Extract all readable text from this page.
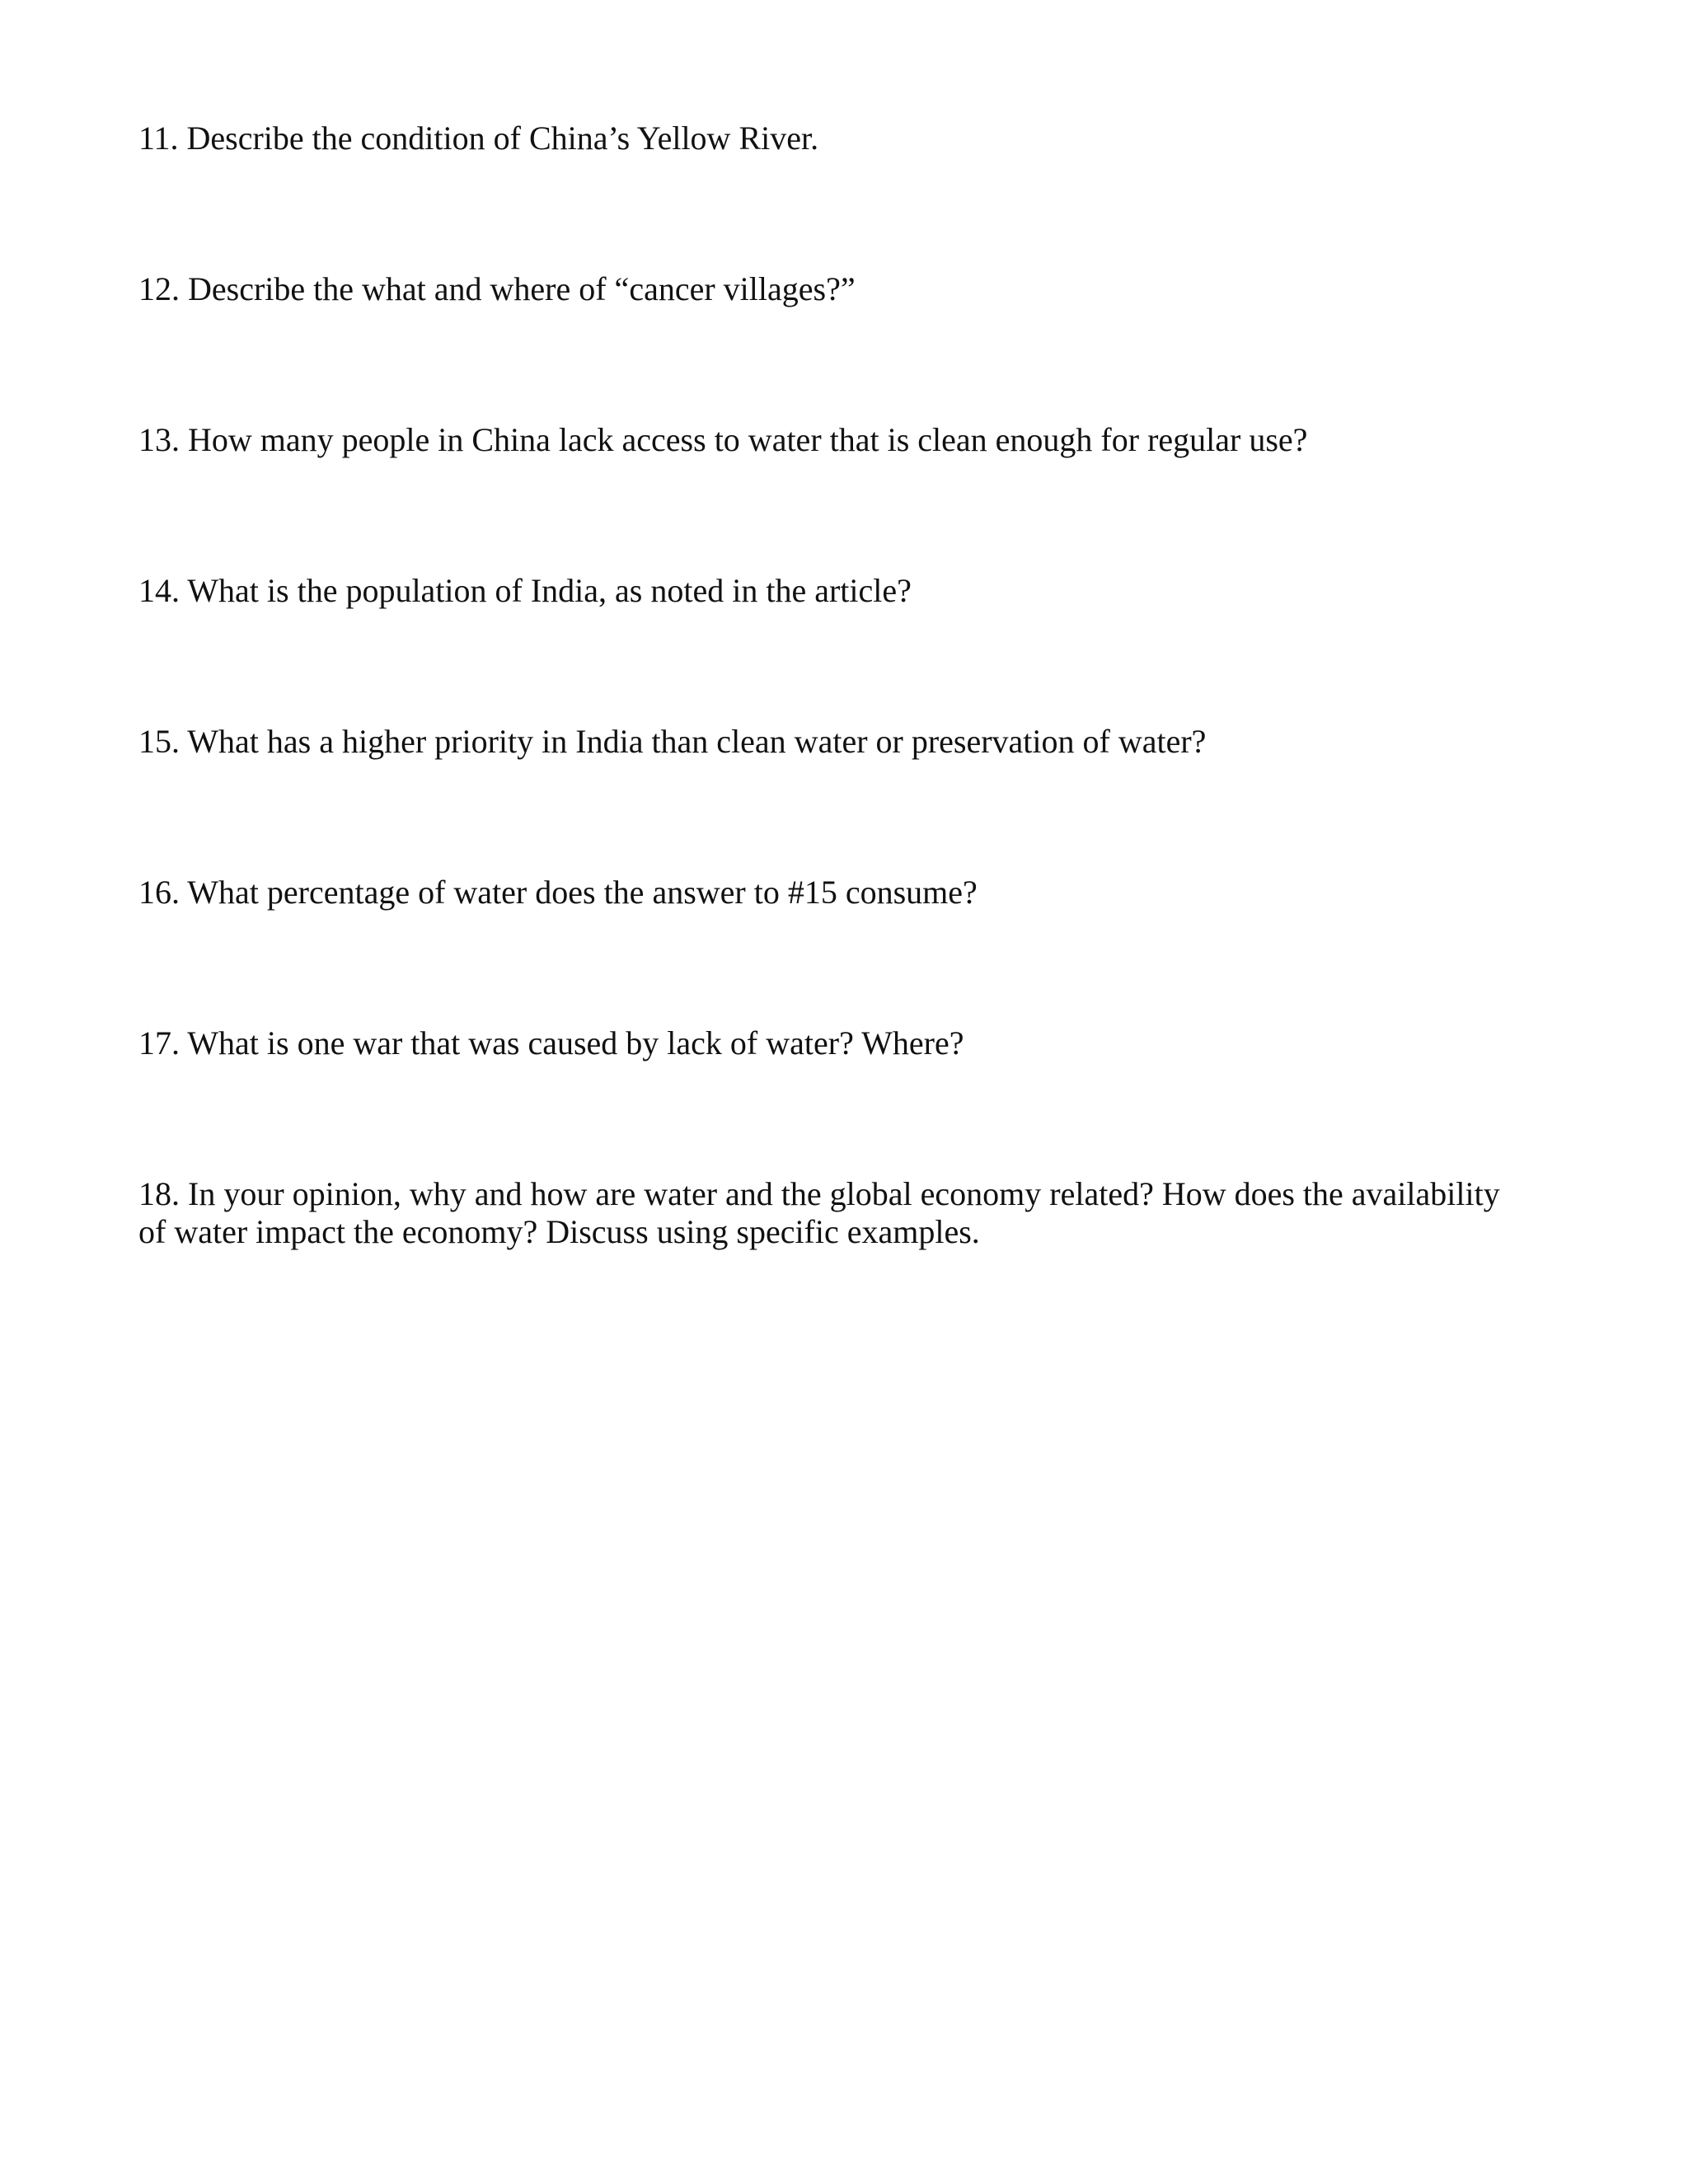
11. Describe the condition of China’s Yellow River.
12. Describe the what and where of “cancer villages?”
13. How many people in China lack access to water that is clean enough for regular use?
14. What is the population of India, as noted in the article?
15. What has a higher priority in India than clean water or preservation of water?
16. What percentage of water does the answer to #15 consume?
17. What is one war that was caused by lack of water? Where?
18. In your opinion, why and how are water and the global economy related? How does the availability
of water impact the economy? Discuss using specific examples.
